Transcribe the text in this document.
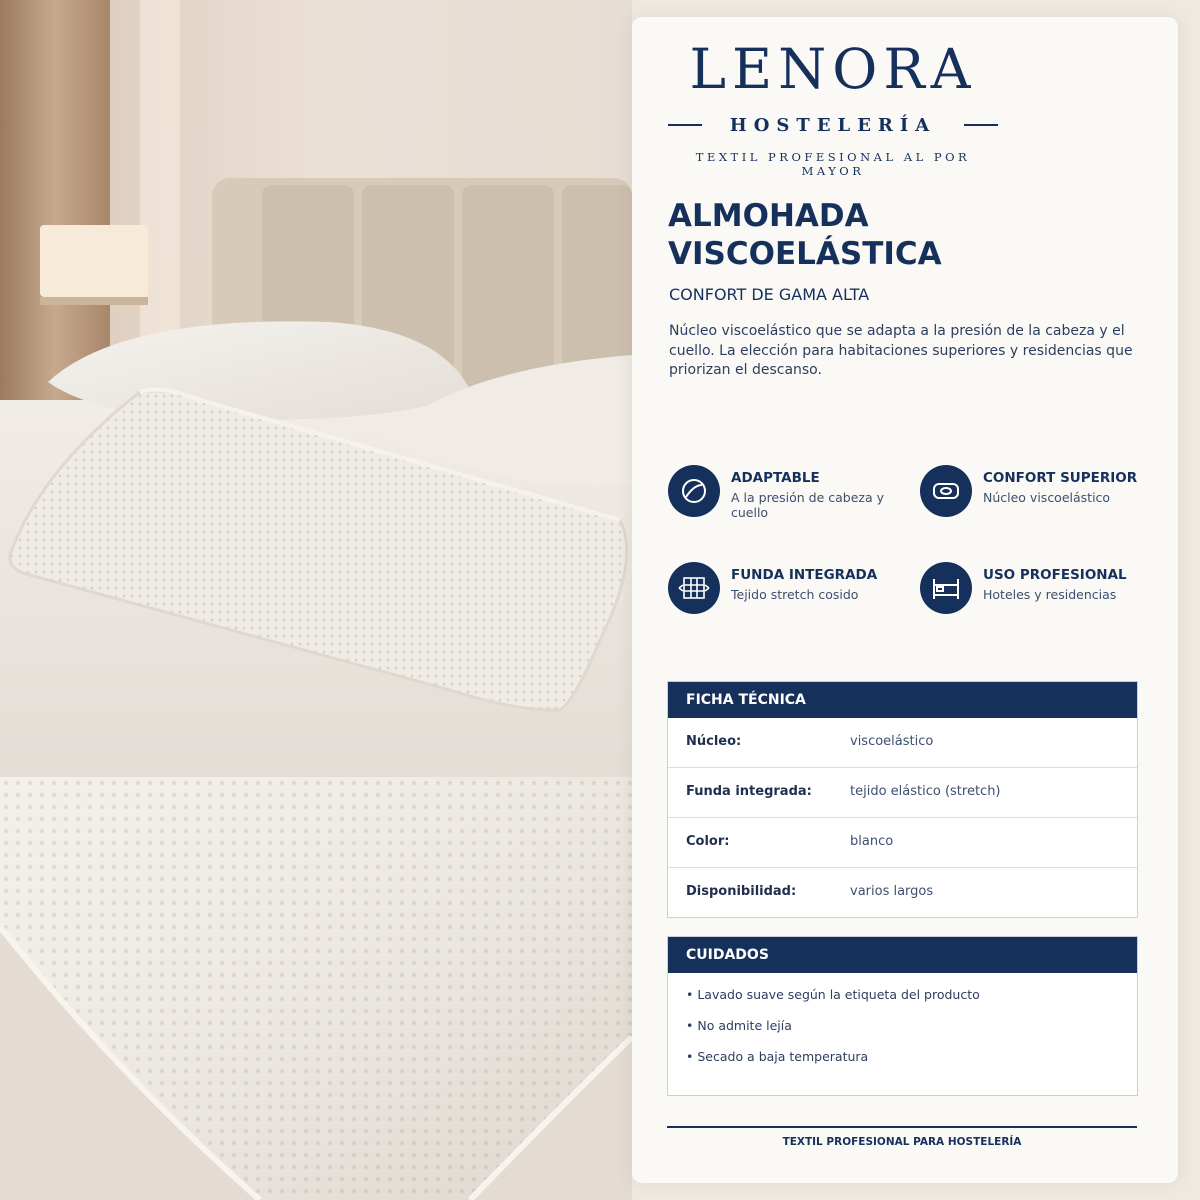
LENORA
HOSTELERÍA
TEXTIL PROFESIONAL AL POR MAYOR
ALMOHADA VISCOELÁSTICA
CONFORT DE GAMA ALTA
Núcleo viscoelástico que se adapta a la presión de la cabeza y el cuello. La elección para habitaciones superiores y residencias que priorizan el descanso.
ADAPTABLE
A la presión de cabeza y cuello
CONFORT SUPERIOR
Núcleo viscoelástico
FUNDA INTEGRADA
Tejido stretch cosido
USO PROFESIONAL
Hoteles y residencias
FICHA TÉCNICA
Núcleo:	viscoelástico
Funda integrada:	tejido elástico (stretch)
Color:	blanco
Disponibilidad:	varios largos
CUIDADOS
• Lavado suave según la etiqueta del producto
• No admite lejía
• Secado a baja temperatura
TEXTIL PROFESIONAL PARA HOSTELERÍA
